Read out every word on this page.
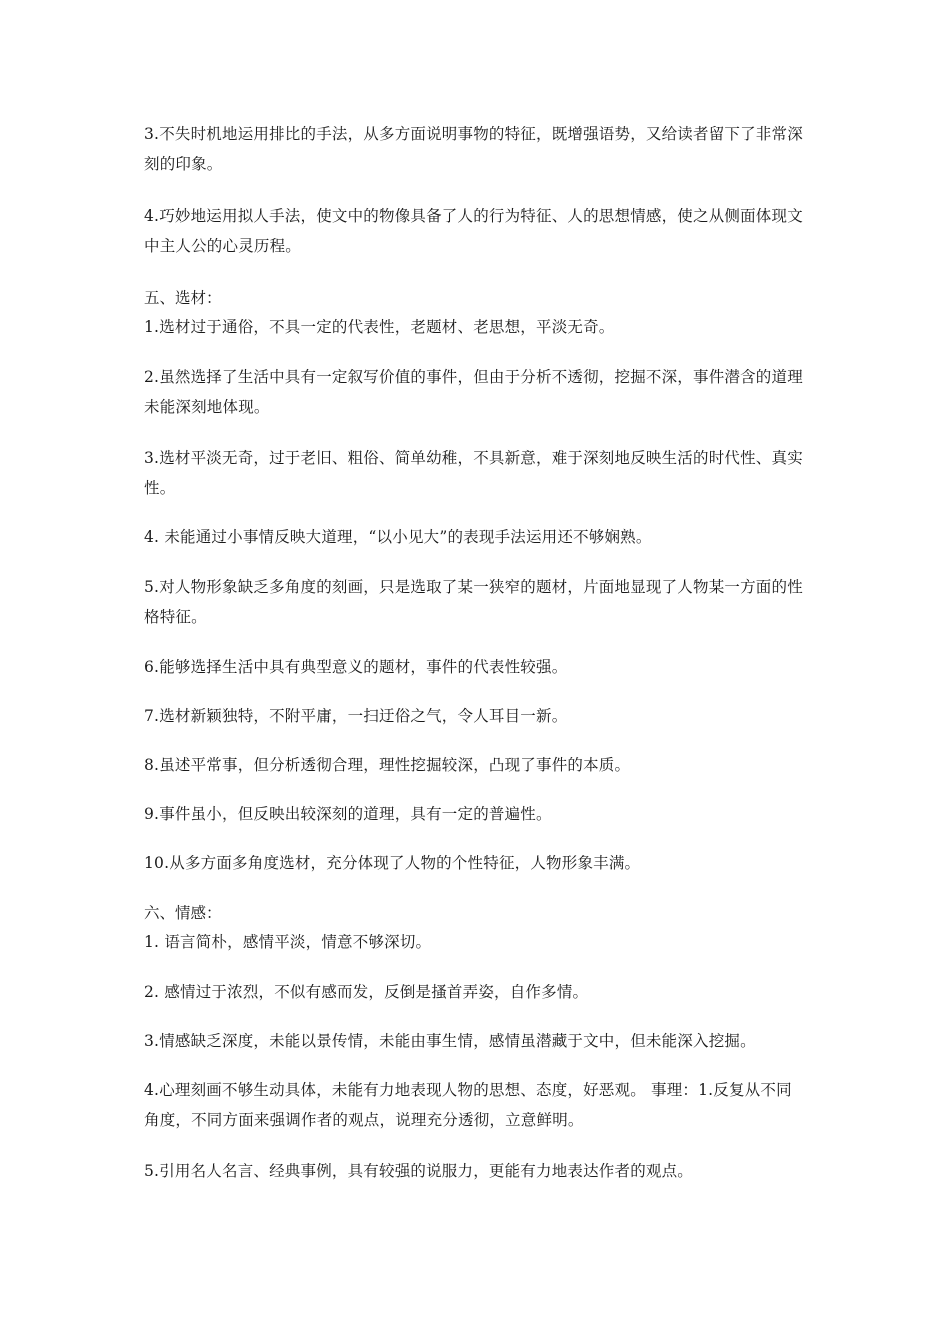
3.不失时机地运用排比的手法，从多方面说明事物的特征，既增强语势，又给读者留下了非常深刻的印象。
4.巧妙地运用拟人手法，使文中的物像具备了人的行为特征、人的思想情感，使之从侧面体现文中主人公的心灵历程。
五、选材：
1.选材过于通俗，不具一定的代表性，老题材、老思想，平淡无奇。
2.虽然选择了生活中具有一定叙写价值的事件，但由于分析不透彻，挖掘不深，事件潜含的道理未能深刻地体现。
3.选材平淡无奇，过于老旧、粗俗、简单幼稚，不具新意，难于深刻地反映生活的时代性、真实性。
4. 未能通过小事情反映大道理，“以小见大”的表现手法运用还不够娴熟。
5.对人物形象缺乏多角度的刻画，只是选取了某一狭窄的题材，片面地显现了人物某一方面的性格特征。
6.能够选择生活中具有典型意义的题材，事件的代表性较强。
7.选材新颖独特，不附平庸，一扫迂俗之气，令人耳目一新。
8.虽述平常事，但分析透彻合理，理性挖掘较深，凸现了事件的本质。
9.事件虽小，但反映出较深刻的道理，具有一定的普遍性。
10.从多方面多角度选材，充分体现了人物的个性特征，人物形象丰满。
六、情感：
1. 语言简朴，感情平淡，情意不够深切。
2. 感情过于浓烈，不似有感而发，反倒是搔首弄姿，自作多情。
3.情感缺乏深度，未能以景传情，未能由事生情，感情虽潜藏于文中，但未能深入挖掘。
4.心理刻画不够生动具体，未能有力地表现人物的思想、态度，好恶观。 事理：1.反复从不同角度，不同方面来强调作者的观点，说理充分透彻，立意鲜明。
5.引用名人名言、经典事例，具有较强的说服力，更能有力地表达作者的观点。
